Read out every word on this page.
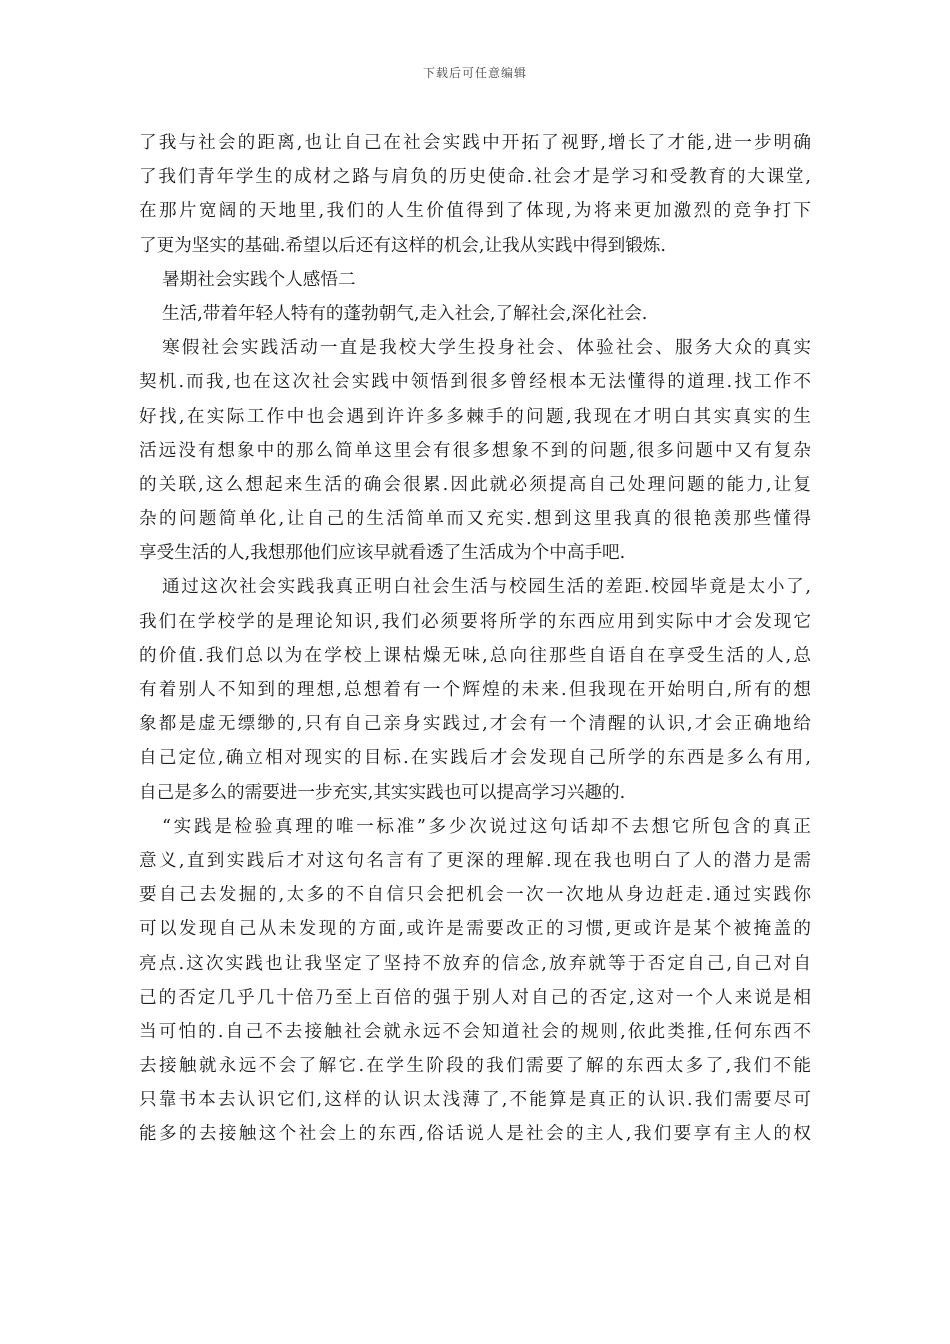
下载后可任意编辑
了我与社会的距离,也让自己在社会实践中开拓了视野,增长了才能,进一步明确
了我们青年学生的成材之路与肩负的历史使命.社会才是学习和受教育的大课堂,
在那片宽阔的天地里,我们的人生价值得到了体现,为将来更加激烈的竞争打下
了更为坚实的基础.希望以后还有这样的机会,让我从实践中得到锻炼.
暑期社会实践个人感悟二
生活,带着年轻人特有的蓬勃朝气,走入社会,了解社会,深化社会.
寒假社会实践活动一直是我校大学生投身社会、体验社会、服务大众的真实
契机.而我,也在这次社会实践中领悟到很多曾经根本无法懂得的道理.找工作不
好找,在实际工作中也会遇到许许多多棘手的问题,我现在才明白其实真实的生
活远没有想象中的那么简单这里会有很多想象不到的问题,很多问题中又有复杂
的关联,这么想起来生活的确会很累.因此就必须提高自己处理问题的能力,让复
杂的问题简单化,让自己的生活简单而又充实.想到这里我真的很艳羡那些懂得
享受生活的人,我想那他们应该早就看透了生活成为个中高手吧.
通过这次社会实践我真正明白社会生活与校园生活的差距.校园毕竟是太小了,
我们在学校学的是理论知识,我们必须要将所学的东西应用到实际中才会发现它
的价值.我们总以为在学校上课枯燥无味,总向往那些自语自在享受生活的人,总
有着别人不知到的理想,总想着有一个辉煌的未来.但我现在开始明白,所有的想
象都是虚无缥缈的,只有自己亲身实践过,才会有一个清醒的认识,才会正确地给
自己定位,确立相对现实的目标.在实践后才会发现自己所学的东西是多么有用,
自己是多么的需要进一步充实,其实实践也可以提高学习兴趣的.
“实践是检验真理的唯一标准”多少次说过这句话却不去想它所包含的真正
意义,直到实践后才对这句名言有了更深的理解.现在我也明白了人的潜力是需
要自己去发掘的,太多的不自信只会把机会一次一次地从身边赶走.通过实践你
可以发现自己从未发现的方面,或许是需要改正的习惯,更或许是某个被掩盖的
亮点.这次实践也让我坚定了坚持不放弃的信念,放弃就等于否定自己,自己对自
己的否定几乎几十倍乃至上百倍的强于别人对自己的否定,这对一个人来说是相
当可怕的.自己不去接触社会就永远不会知道社会的规则,依此类推,任何东西不
去接触就永远不会了解它.在学生阶段的我们需要了解的东西太多了,我们不能
只靠书本去认识它们,这样的认识太浅薄了,不能算是真正的认识.我们需要尽可
能多的去接触这个社会上的东西,俗话说人是社会的主人,我们要享有主人的权
